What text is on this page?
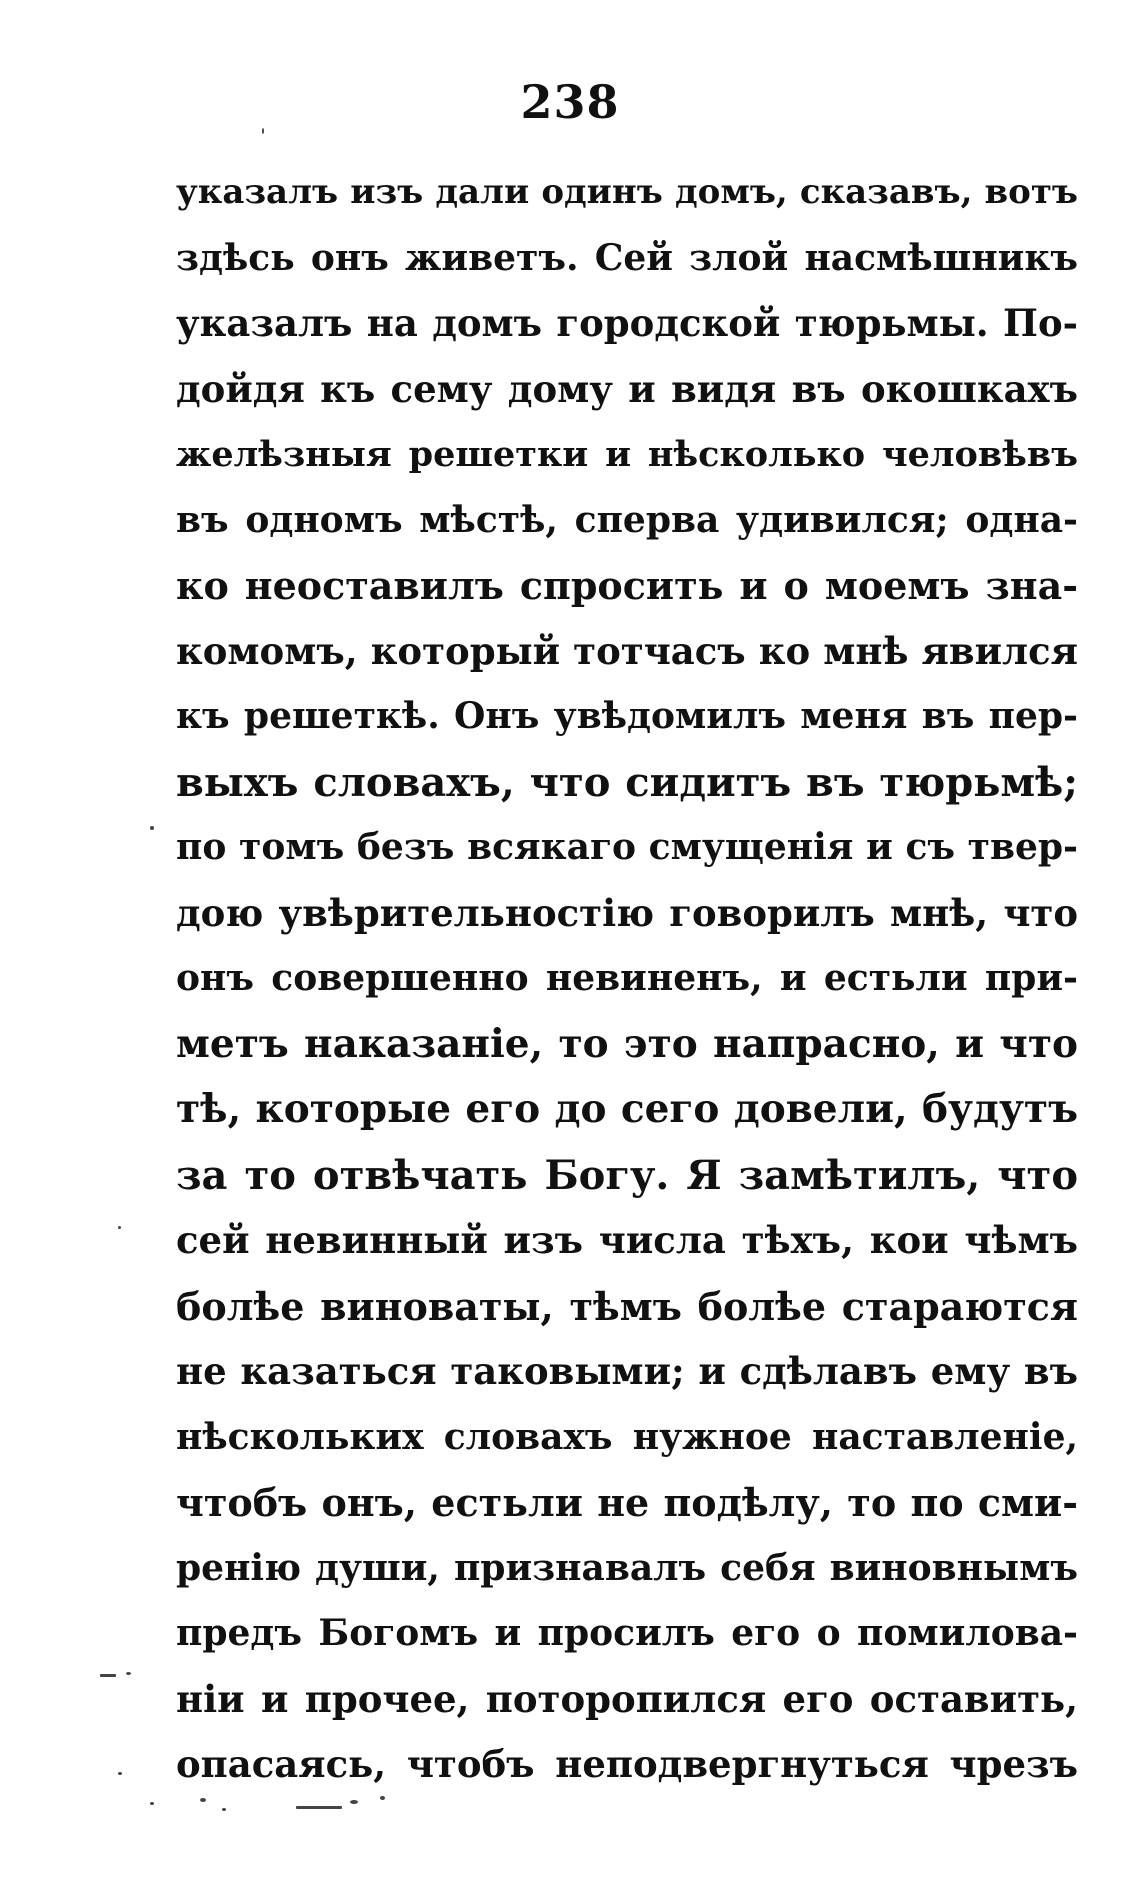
238
указалъ изъ дали одинъ домъ, сказавъ, вотъ
здѣсь онъ живетъ. Сей злой насмѣшникъ
указалъ на домъ городской тюрьмы. По-
дойдя къ сему дому и видя въ окошкахъ
желѣзныя решетки и нѣсколько человѣвъ
въ одномъ мѣстѣ, сперва удивился; одна-
ко неоставилъ спросить и о моемъ зна-
комомъ, который тотчасъ ко мнѣ явился
къ решеткѣ. Онъ увѣдомилъ меня въ пер-
выхъ словахъ, что сидитъ въ тюрьмѣ;
по томъ безъ всякаго смущенія и съ твер-
дою увѣрительностію говорилъ мнѣ, что
онъ совершенно невиненъ, и естьли при-
метъ наказаніе, то это напрасно, и что
тѣ, которые его до сего довели, будутъ
за то отвѣчать Богу. Я замѣтилъ, что
сей невинный изъ числа тѣхъ, кои чѣмъ
болѣе виноваты, тѣмъ болѣе стараются
не казаться таковыми; и сдѣлавъ ему въ
нѣскольких словахъ нужное наставленіе,
чтобъ онъ, естьли не подѣлу, то по сми-
ренію души, признавалъ себя виновнымъ
предъ Богомъ и просилъ его о помилова-
ніи и прочее, поторопился его оставить,
опасаясь, чтобъ неподвергнуться чрезъ
